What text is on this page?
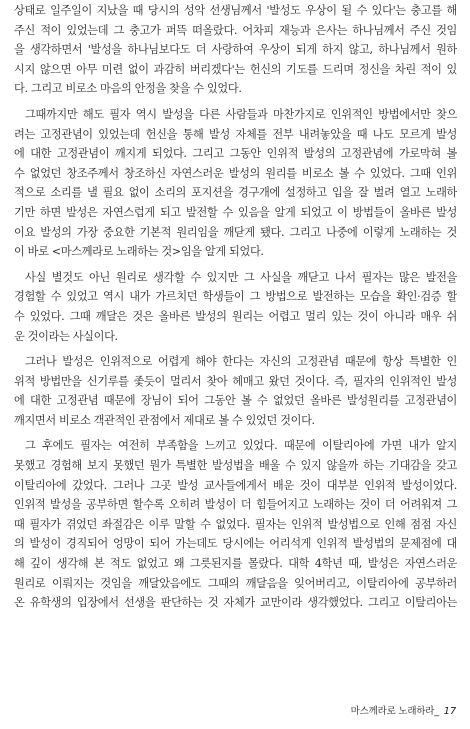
상태로 일주일이 지났을 때 당시의 성악 선생님께서 '발성도 우상이 될 수 있다'는 충고를 해
주신 적이 있었는데 그 충고가 퍼뜩 떠올랐다. 어차피 재능과 은사는 하나님께서 주신 것임
을 생각하면서 '발성을 하나님보다도 더 사랑하여 우상이 되게 하지 않고, 하나님께서 원하
시지 않으면 아무 미련 없이 과감히 버리겠다'는 헌신의 기도를 드리며 정신을 차린 적이 있
다. 그리고 비로소 마음의 안정을 찾을 수 있었다.
그때까지만 해도 필자 역시 발성을 다른 사람들과 마찬가지로 인위적인 방법에서만 찾으
려는 고정관념이 있었는데 헌신을 통해 발성 자체를 전부 내려놓았을 때 나도 모르게 발성
에 대한 고정관념이 깨지게 되었다. 그리고 그동안 인위적 발성의 고정관념에 가로막혀 볼
수 없었던 창조주께서 창조하신 자연스러운 발성의 원리를 비로소 볼 수 있었다. 그때 인위
적으로 소리를 낼 필요 없이 소리의 포지션을 경구개에 설정하고 입을 잘 벌려 열고 노래하
기만 하면 발성은 자연스럽게 되고 발전할 수 있음을 알게 되었고 이 방법들이 올바른 발성
이요 발성의 가장 중요한 기본적 원리임을 깨닫게 됐다. 그리고 나중에 이렇게 노래하는 것
이 바로 <마스께라로 노래하는 것>임을 알게 되었다.
사실 별것도 아닌 원리로 생각할 수 있지만 그 사실을 깨닫고 나서 필자는 많은 발전을
경험할 수 있었고 역시 내가 가르치던 학생들이 그 방법으로 발전하는 모습을 확인·검증 할
수 있었다. 그때 깨달은 것은 올바른 발성의 원리는 어렵고 멀리 있는 것이 아니라 매우 쉬
운 것이라는 사실이다.
그러나 발성은 인위적으로 어렵게 해야 한다는 자신의 고정관념 때문에 항상 특별한 인
위적 방법만을 신기루를 좇듯이 멀리서 찾아 헤매고 왔던 것이다. 즉, 필자의 인위적인 발성
에 대한 고정관념 때문에 장님이 되어 그동안 볼 수 없었던 올바른 발성원리를 고정관념이
깨지면서 비로소 객관적인 관점에서 제대로 볼 수 있었던 것이다.
그 후에도 필자는 여전히 부족함을 느끼고 있었다. 때문에 이탈리아에 가면 내가 알지
못했고 경험해 보지 못했던 뭔가 특별한 발성법을 배울 수 있지 않을까 하는 기대감을 갖고
이탈리아에 갔었다. 그러나 그곳 발성 교사들에게서 배운 것이 대부분 인위적 발성이었다.
인위적 발성을 공부하면 할수록 오히려 발성이 더 힘들어지고 노래하는 것이 더 어려워져 그
때 필자가 겪었던 좌절감은 이루 말할 수 없었다. 필자는 인위적 발성법으로 인해 점점 자신
의 발성이 경직되어 엉망이 되어 가는데도 당시에는 어리석게 인위적 발성법의 문제점에 대
해 깊이 생각해 본 적도 없었고 왜 그릇된지를 몰랐다. 대학 4학년 때, 발성은 자연스러운
원리로 이뤄지는 것임을 깨달았음에도 그때의 깨달음을 잊어버리고, 이탈리아에 공부하러
온 유학생의 입장에서 선생을 판단하는 것 자체가 교만이라 생각했었다. 그리고 이탈리아는
마스께라로 노래하라_ 17
